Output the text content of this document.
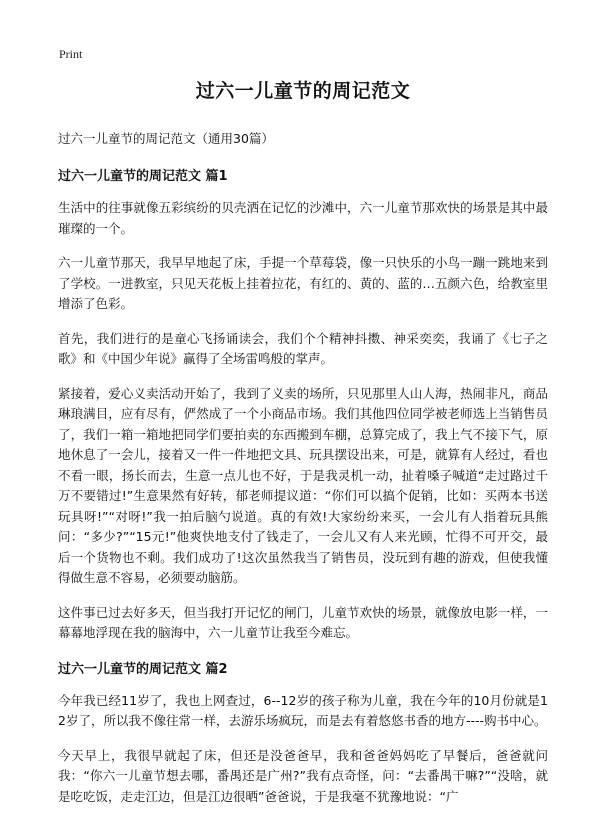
Print
过六一儿童节的周记范文
过六一儿童节的周记范文（通用30篇）
过六一儿童节的周记范文 篇1

生活中的往事就像五彩缤纷的贝壳洒在记忆的沙滩中，六一儿童节那欢快的场景是其中最璀璨的一个。

六一儿童节那天，我早早地起了床，手提一个草莓袋，像一只快乐的小鸟一蹦一跳地来到了学校。一进教室，只见天花板上挂着拉花，有红的、黄的、蓝的…五颜六色，给教室里增添了色彩。

首先，我们进行的是童心飞扬诵读会，我们个个精神抖擞、神采奕奕，我诵了《七子之歌》和《中国少年说》赢得了全场雷鸣般的掌声。

紧接着，爱心义卖活动开始了，我到了义卖的场所，只见那里人山人海，热闹非凡，商品琳琅满目，应有尽有，俨然成了一个小商品市场。我们其他四位同学被老师选上当销售员了，我们一箱一箱地把同学们要拍卖的东西搬到车棚，总算完成了，我上气不接下气，原地休息了一会儿，接着又一件一件地把文具、玩具摆设出来，可是，就算有人经过，看也不看一眼，扬长而去，生意一点儿也不好，于是我灵机一动，扯着嗓子喊道“走过路过千万不要错过!”生意果然有好转，郁老师提议道：“你们可以搞个促销，比如：买两本书送玩具呀!”“对呀!”我一拍后脑勺说道。真的有效!大家纷纷来买，一会儿有人指着玩具熊问：“多少?”“15元!”他爽快地支付了钱走了，一会儿又有人来光顾，忙得不可开交，最后一个货物也不剩。我们成功了!这次虽然我当了销售员，没玩到有趣的游戏，但使我懂得做生意不容易，必须要动脑筋。

这件事已过去好多天，但当我打开记忆的闸门，儿童节欢快的场景，就像放电影一样，一幕幕地浮现在我的脑海中，六一儿童节让我至今难忘。

过六一儿童节的周记范文 篇2

今年我已经11岁了，我也上网查过，6--12岁的孩子称为儿童，我在今年的10月份就是12岁了，所以我不像往常一样，去游乐场疯玩，而是去有着悠悠书香的地方----购书中心。

今天早上，我很早就起了床，但还是没爸爸早，我和爸爸妈妈吃了早餐后，爸爸就问我：“你六一儿童节想去哪，番禺还是广州?”我有点奇怪，问：“去番禺干嘛?”“没啥，就是吃吃饭，走走江边，但是江边很晒”爸爸说，于是我毫不犹豫地说：“广
